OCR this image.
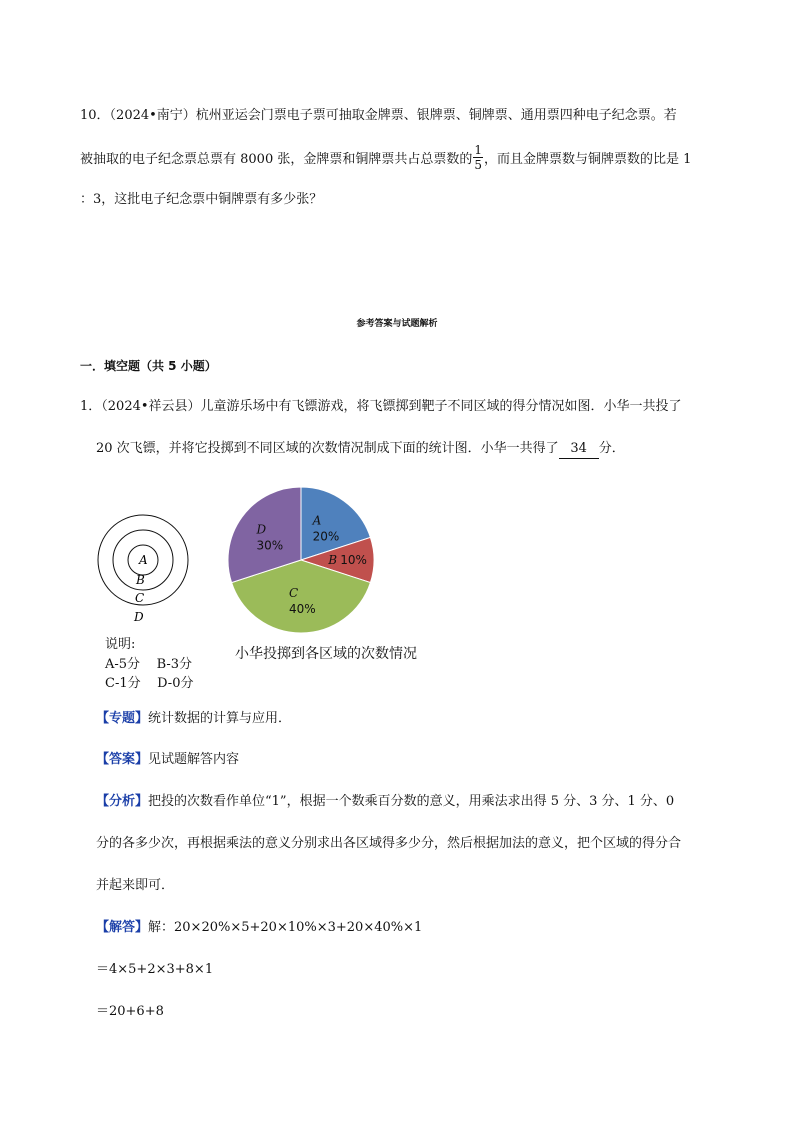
10．（2024•南宁）杭州亚运会门票电子票可抽取金牌票、银牌票、铜牌票、通用票四种电子纪念票。若
被抽取的电子纪念票总票有 8000 张，金牌票和铜牌票共占总票数的 $\frac{1}{5}$ ，而且金牌票数与铜牌票数的比是 1
：3，这批电子纪念票中铜牌票有多少张？
参考答案与试题解析
一．填空题（共 5 小题）
1．（2024•祥云县）儿童游乐场中有飞镖游戏，将飞镖掷到靶子不同区域的得分情况如图．小华一共投了
20 次飞镖，并将它投掷到不同区域的次数情况制成下面的统计图．小华一共得了 34 分．
A
B
C
D
A
20%
B 10%
C
40%
D
30%
说明:
A-5分    B-3分
C-1分    D-0分
小华投掷到各区域的次数情况
【专题】统计数据的计算与应用．
【答案】见试题解答内容
【分析】把投的次数看作单位“1”，根据一个数乘百分数的意义，用乘法求出得 5 分、3 分、1 分、0
分的各多少次，再根据乘法的意义分别求出各区域得多少分，然后根据加法的意义，把个区域的得分合
并起来即可．
【解答】解：20×20%×5+20×10%×3+20×40%×1
＝4×5+2×3+8×1
＝20+6+8
